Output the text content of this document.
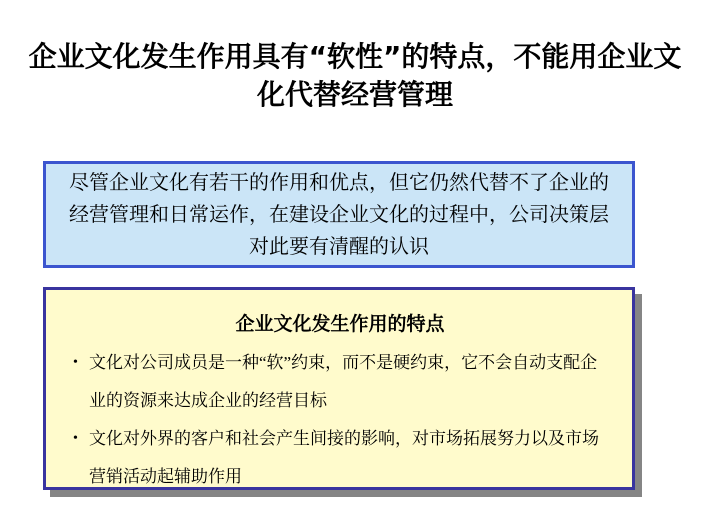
企业文化发生作用具有“软性”的特点，不能用企业文化代替经营管理

尽管企业文化有若干的作用和优点，但它仍然代替不了企业的经营管理和日常运作，在建设企业文化的过程中，公司决策层对此要有清醒的认识

企业文化发生作用的特点
• 文化对公司成员是一种“软”约束，而不是硬约束，它不会自动支配企业的资源来达成企业的经营目标
• 文化对外界的客户和社会产生间接的影响，对市场拓展努力以及市场营销活动起辅助作用
